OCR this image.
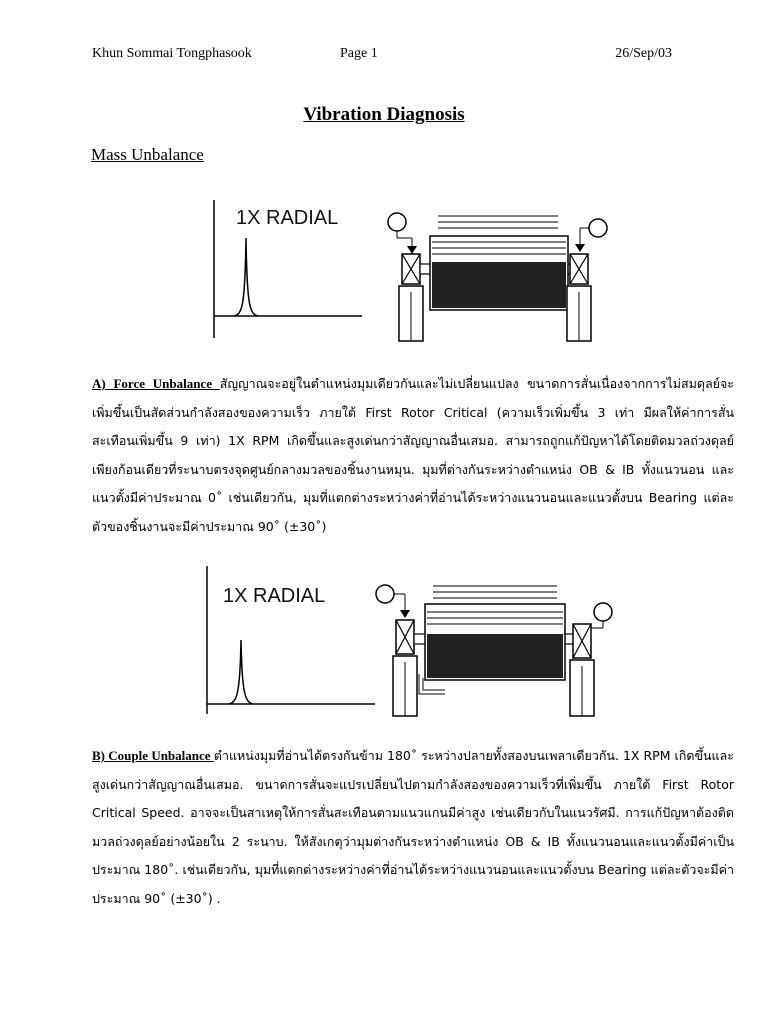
Khun Sommai Tongphasook	Page 1	26/Sep/03
Vibration Diagnosis
Mass Unbalance
1X RADIAL

A) Force Unbalance สัญญาณจะอยู่ในตำแหน่งมุมเดียวกันและไม่เปลี่ยนแปลง ขนาดการสั่นเนื่องจากการไม่สมดุลย์จะเพิ่มขึ้นเป็นสัดส่วนกำลังสองของความเร็ว ภายใต้ First Rotor Critical (ความเร็วเพิ่มขึ้น 3 เท่า มีผลให้ค่าการสั่นสะเทือนเพิ่มขึ้น 9 เท่า) 1X RPM เกิดขึ้นและสูงเด่นกว่าสัญญาณอื่นเสมอ. สามารถถูกแก้ปัญหาได้โดยติดมวลถ่วงดุลย์เพียงก้อนเดียวที่ระนาบตรงจุดศูนย์กลางมวลของชิ้นงานหมุน. มุมที่ต่างกันระหว่างตำแหน่ง OB & IB ทั้งแนวนอน และแนวตั้งมีค่าประมาณ 0˚ เช่นเดียวกัน, มุมที่แตกต่างระหว่างค่าที่อ่านได้ระหว่างแนวนอนและแนวตั้งบน Bearing แต่ละตัวของชิ้นงานจะมีค่าประมาณ 90˚ (±30˚)

1X RADIAL

B) Couple Unbalance ตำแหน่งมุมที่อ่านได้ตรงกันข้าม 180˚ ระหว่างปลายทั้งสองบนเพลาเดียวกัน. 1X RPM เกิดขึ้นและสูงเด่นกว่าสัญญาณอื่นเสมอ. ขนาดการสั่นจะแปรเปลี่ยนไปตามกำลังสองของความเร็วที่เพิ่มขึ้น ภายใต้ First Rotor Critical Speed. อาจจะเป็นสาเหตุให้การสั่นสะเทือนตามแนวแกนมีค่าสูง เช่นเดียวกับในแนวรัศมี. การแก้ปัญหาต้องติดมวลถ่วงดุลย์อย่างน้อยใน 2 ระนาบ. ให้สังเกตุว่ามุมต่างกันระหว่างตำแหน่ง OB & IB ทั้งแนวนอนและแนวตั้งมีค่าเป็นประมาณ 180˚. เช่นเดียวกัน, มุมที่แตกต่างระหว่างค่าที่อ่านได้ระหว่างแนวนอนและแนวตั้งบน Bearing แต่ละตัวจะมีค่าประมาณ 90˚ (±30˚) .
